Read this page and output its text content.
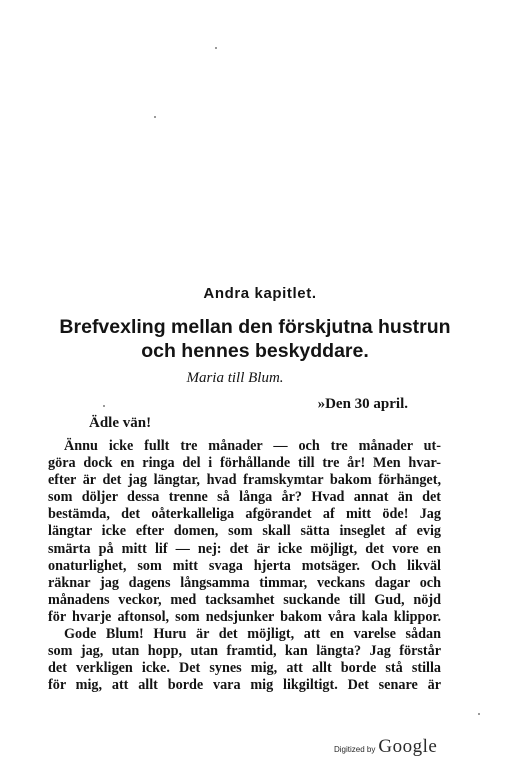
Andra kapitlet.
Brefvexling mellan den förskjutna hustrun
och hennes beskyddare.
Maria till Blum.
»Den 30 april.
Ädle vän!
Ännu icke fullt tre månader — och tre månader ut-
göra dock en ringa del i förhållande till tre år! Men hvar-
efter är det jag längtar, hvad framskymtar bakom förhänget,
som döljer dessa trenne så långa år? Hvad annat än det
bestämda, det oåterkalleliga afgörandet af mitt öde! Jag
längtar icke efter domen, som skall sätta inseglet af evig
smärta på mitt lif — nej: det är icke möjligt, det vore en
onaturlighet, som mitt svaga hjerta motsäger. Och likväl
räknar jag dagens långsamma timmar, veckans dagar och
månadens veckor, med tacksamhet suckande till Gud, nöjd
för hvarje aftonsol, som nedsjunker bakom våra kala klippor.
Gode Blum! Huru är det möjligt, att en varelse sådan
som jag, utan hopp, utan framtid, kan längta? Jag förstår
det verkligen icke. Det synes mig, att allt borde stå stilla
för mig, att allt borde vara mig likgiltigt. Det senare är
Digitized by Google
